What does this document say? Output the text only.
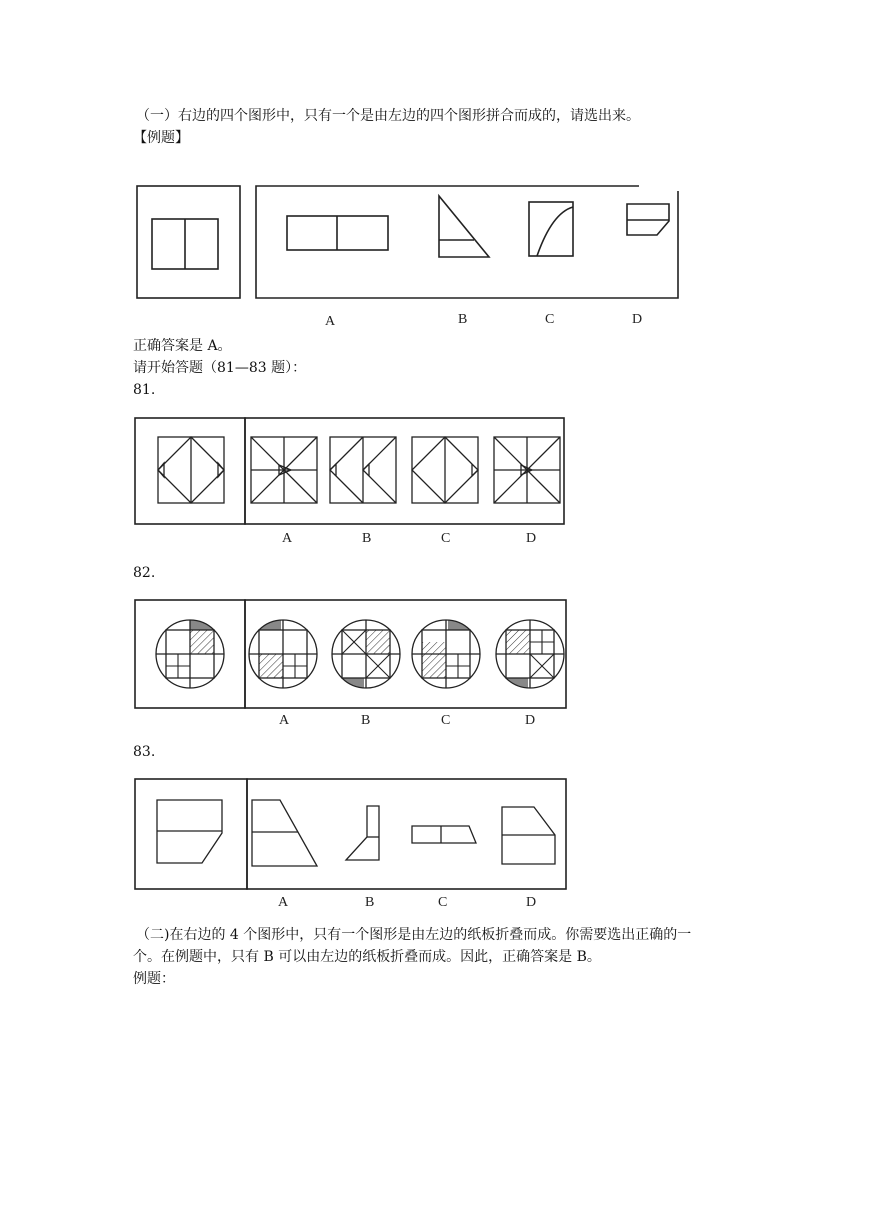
（一）右边的四个图形中，只有一个是由左边的四个图形拼合而成的，请选出来。
【例题】
A	B	C	D
正确答案是 A。
请开始答题（81—83 题）：
81.
A	B	C	D
82.
A	B	C	D
83.
A	B	C	D
（二)在右边的 4 个图形中，只有一个图形是由左边的纸板折叠而成。你需要选出正确的一
个。在例题中，只有 B 可以由左边的纸板折叠而成。因此，正确答案是 B。
例题：
